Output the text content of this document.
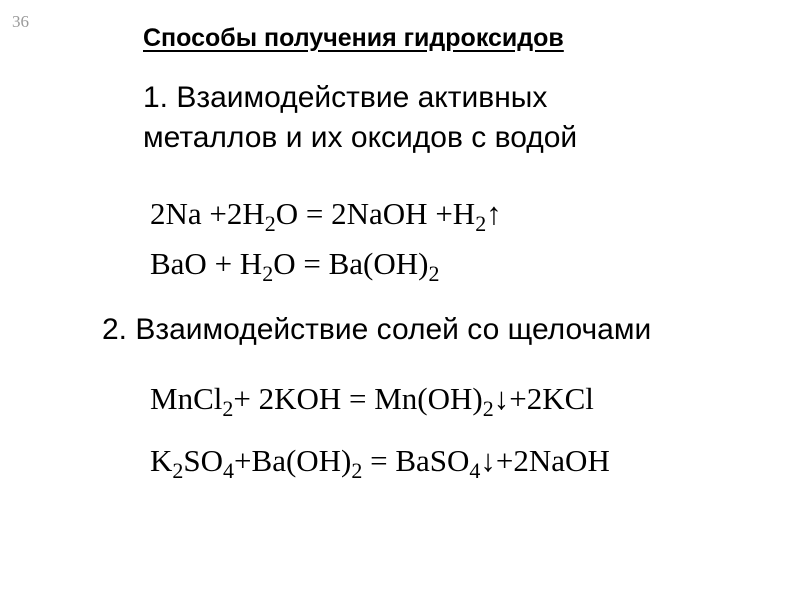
36
Способы получения гидроксидов
1. Взаимодействие активных
металлов и их оксидов с водой
$2Na +2H_2O$ = 2NaOH $+H_2↑$
BaO + $H_2O = Ba(OH)_2$
2. Взаимодействие солей со щелочами
MnCl$_2$+ $2KOH = Mn(OH)_2↓+2KCl$
$K_2SO_4+Ba(OH)_2$ = BaSO$_4$↓+2NaOH
